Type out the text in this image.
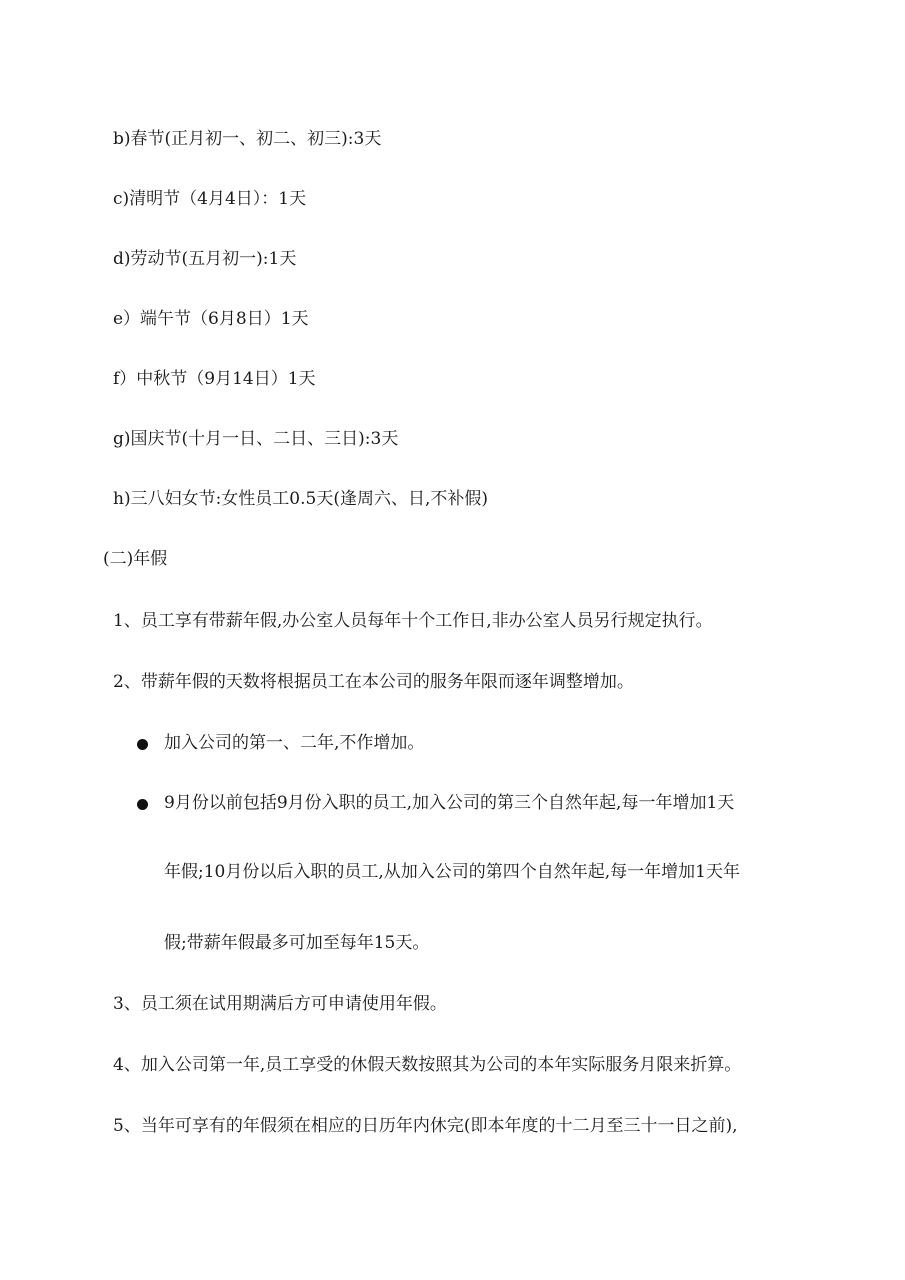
b)春节(正月初一、初二、初三):3天
c)清明节（4月4日）：1天
d)劳动节(五月初一):1天
e）端午节（6月8日）1天
f）中秋节（9月14日）1天
g)国庆节(十月一日、二日、三日):3天
h)三八妇女节:女性员工0.5天(逢周六、日,不补假)
(二)年假
1、员工享有带薪年假,办公室人员每年十个工作日,非办公室人员另行规定执行。
2、带薪年假的天数将根据员工在本公司的服务年限而逐年调整增加。
加入公司的第一、二年,不作增加。
9月份以前包括9月份入职的员工,加入公司的第三个自然年起,每一年增加1天
年假;10月份以后入职的员工,从加入公司的第四个自然年起,每一年增加1天年
假;带薪年假最多可加至每年15天。
3、员工须在试用期满后方可申请使用年假。
4、加入公司第一年,员工享受的休假天数按照其为公司的本年实际服务月限来折算。
5、当年可享有的年假须在相应的日历年内休完(即本年度的十二月至三十一日之前),
